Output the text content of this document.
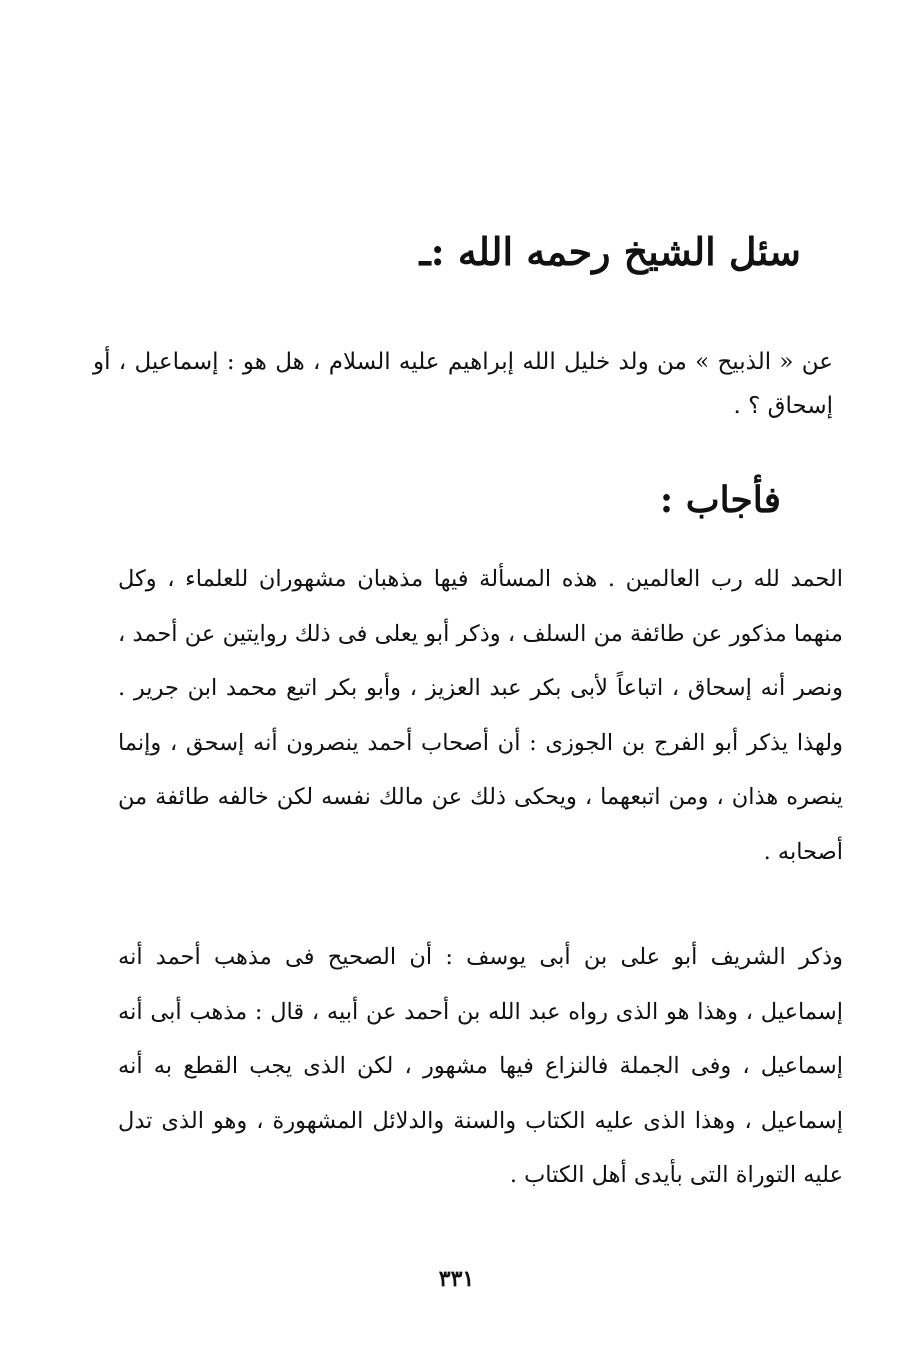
سئل الشيخ رحمه الله :ـ
عن « الذبيح » من ولد خليل الله إبراهيم عليه السلام ، هل هو : إسماعيل ، أو إسحاق ؟ .
فأجاب :
الحمد لله رب العالمين . هذه المسألة فيها مذهبان مشهوران للعلماء ، وكل منهما مذكور عن طائفة من السلف ، وذكر أبو يعلى فى ذلك روايتين عن أحمد ، ونصر أنه إسحاق ، اتباعاً لأبى بكر عبد العزيز ، وأبو بكر اتبع محمد ابن جرير . ولهذا يذكر أبو الفرج بن الجوزى : أن أصحاب أحمد ينصرون أنه إسحق ، وإنما ينصره هذان ، ومن اتبعهما ، ويحكى ذلك عن مالك نفسه لكن خالفه طائفة من أصحابه .
وذكر الشريف أبو على بن أبى يوسف : أن الصحيح فى مذهب أحمد أنه إسماعيل ، وهذا هو الذى رواه عبد الله بن أحمد عن أبيه ، قال : مذهب أبى أنه إسماعيل ، وفى الجملة فالنزاع فيها مشهور ، لكن الذى يجب القطع به أنه إسماعيل ، وهذا الذى عليه الكتاب والسنة والدلائل المشهورة ، وهو الذى تدل عليه التوراة التى بأيدى أهل الكتاب .
٣٣١
